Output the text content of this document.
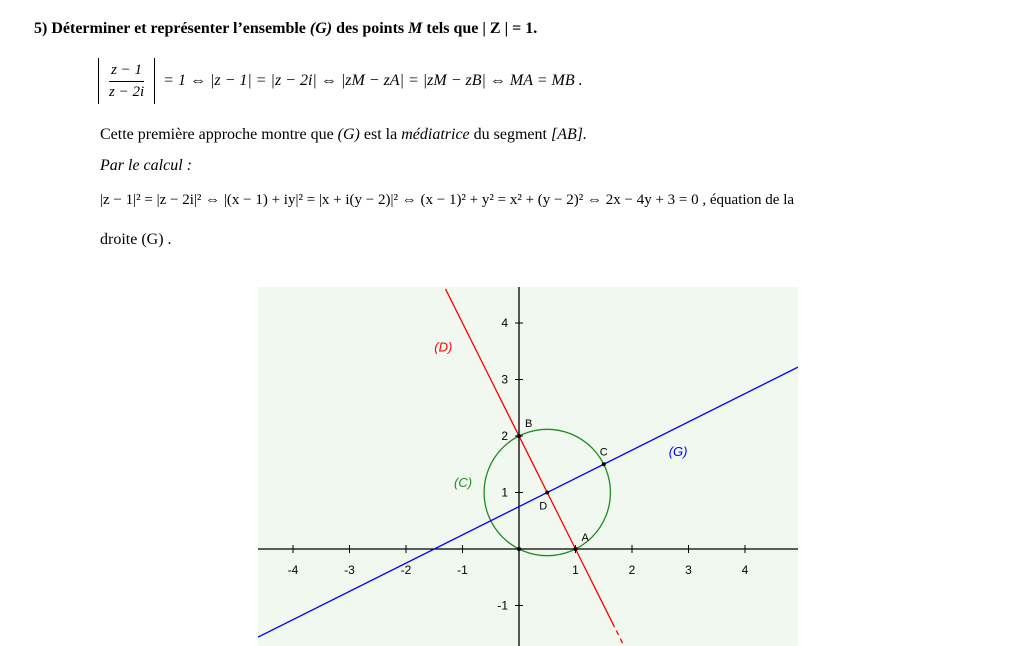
5) Déterminer et représenter l’ensemble (G) des points M tels que | Z | = 1.
$\frac{z - 1}{z - 2i} = 1$ ⇔ |z − 1| = |z − 2i| ⇔ |zM − zA| = |zM − zB| ⇔ MA = MB .
Cette première approche montre que (G) est la médiatrice du segment [AB].
Par le calcul :
|z − 1|² = |z − 2i|² ⇔ |(x − 1) + iy|² = |x + i(y − 2)|² ⇔ (x − 1)² + y² = x² + (y − 2)² ⇔ 2x − 4y + 3 = 0 , équation de la
droite (G) .
-4	-3	-2	-1	1	2	3	4
-1
1
2
3
4
(C)
(D)
(G)
A
B
C
D
